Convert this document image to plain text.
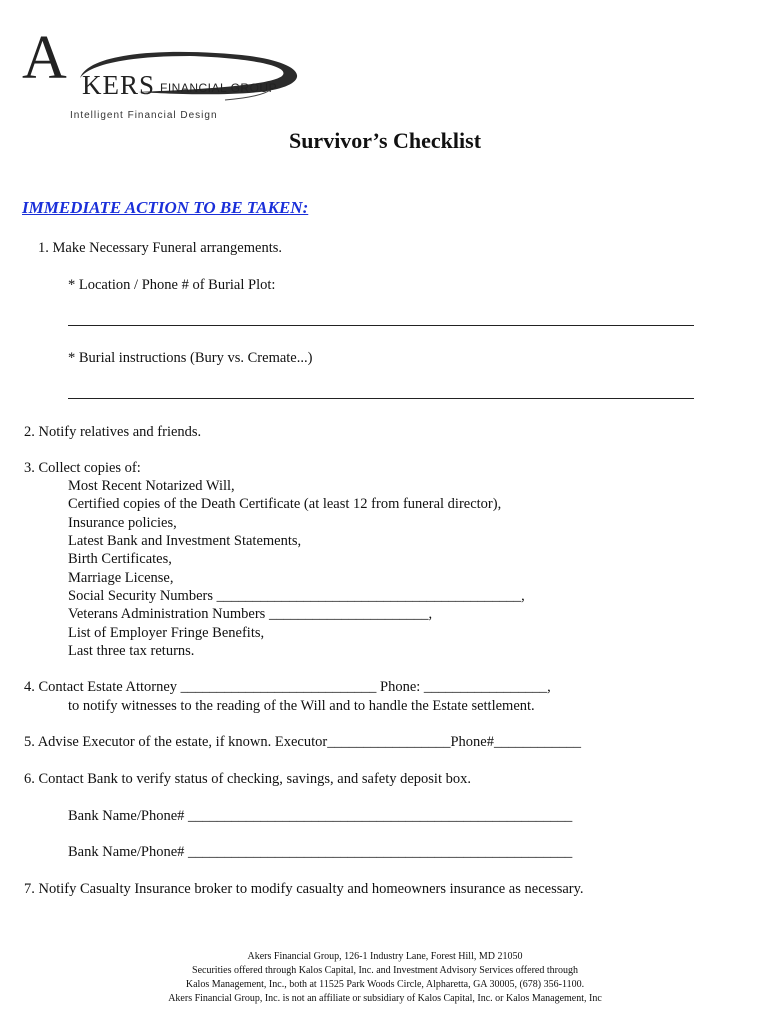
A KERS FINANCIAL GROUP
Intelligent Financial Design
Survivor’s Checklist
IMMEDIATE ACTION TO BE TAKEN:
1. Make Necessary Funeral arrangements.
* Location / Phone # of Burial Plot:
* Burial instructions (Bury vs. Cremate...)
2. Notify relatives and friends.
3. Collect copies of:
Most Recent Notarized Will,
Certified copies of the Death Certificate (at least 12 from funeral director),
Insurance policies,
Latest Bank and Investment Statements,
Birth Certificates,
Marriage License,
Social Security Numbers __________________________________________,
Veterans Administration Numbers ______________________,
List of Employer Fringe Benefits,
Last three tax returns.
4. Contact Estate Attorney ___________________________ Phone: _________________,
to notify witnesses to the reading of the Will and to handle the Estate settlement.
5. Advise Executor of the estate, if known. Executor_________________Phone#____________
6. Contact Bank to verify status of checking, savings, and safety deposit box.
Bank Name/Phone# _____________________________________________________
Bank Name/Phone# _____________________________________________________
7. Notify Casualty Insurance broker to modify casualty and homeowners insurance as necessary.
Akers Financial Group, 126-1 Industry Lane, Forest Hill, MD 21050
Securities offered through Kalos Capital, Inc. and Investment Advisory Services offered through
Kalos Management, Inc., both at 11525 Park Woods Circle, Alpharetta, GA 30005, (678) 356-1100.
Akers Financial Group, Inc. is not an affiliate or subsidiary of Kalos Capital, Inc. or Kalos Management, Inc
